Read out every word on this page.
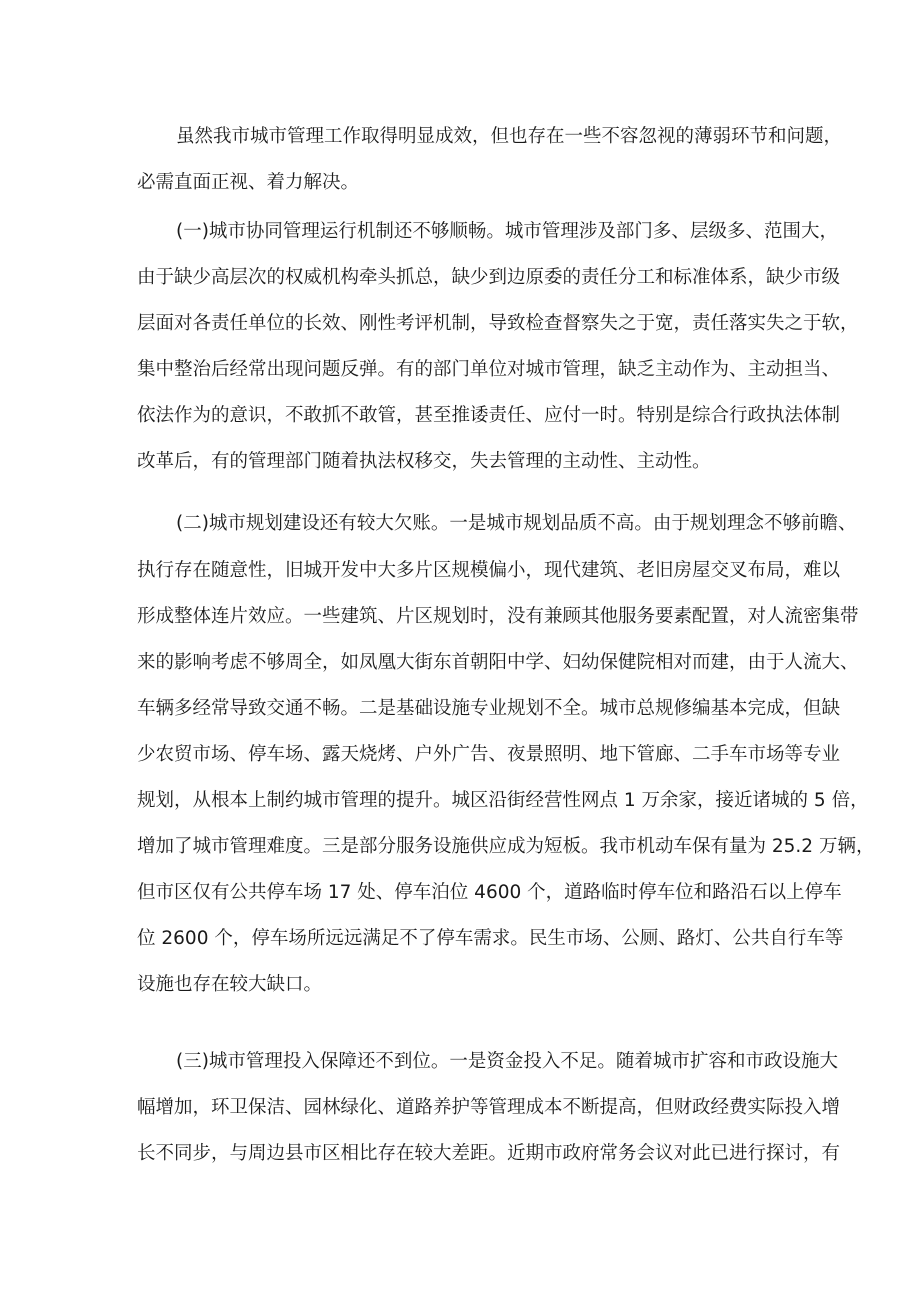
虽然我市城市管理工作取得明显成效，但也存在一些不容忽视的薄弱环节和问题，

必需直面正视、着力解决。

(一)城市协同管理运行机制还不够顺畅。城市管理涉及部门多、层级多、范围大，

由于缺少高层次的权威机构牵头抓总，缺少到边原委的责任分工和标准体系，缺少市级

层面对各责任单位的长效、刚性考评机制，导致检查督察失之于宽，责任落实失之于软，

集中整治后经常出现问题反弹。有的部门单位对城市管理，缺乏主动作为、主动担当、

依法作为的意识，不敢抓不敢管，甚至推诿责任、应付一时。特别是综合行政执法体制

改革后，有的管理部门随着执法权移交，失去管理的主动性、主动性。

(二)城市规划建设还有较大欠账。一是城市规划品质不高。由于规划理念不够前瞻、

执行存在随意性，旧城开发中大多片区规模偏小，现代建筑、老旧房屋交叉布局，难以

形成整体连片效应。一些建筑、片区规划时，没有兼顾其他服务要素配置，对人流密集带

来的影响考虑不够周全，如凤凰大街东首朝阳中学、妇幼保健院相对而建，由于人流大、

车辆多经常导致交通不畅。二是基础设施专业规划不全。城市总规修编基本完成，但缺

少农贸市场、停车场、露天烧烤、户外广告、夜景照明、地下管廊、二手车市场等专业

规划，从根本上制约城市管理的提升。城区沿街经营性网点 1 万余家，接近诸城的 5 倍，

增加了城市管理难度。三是部分服务设施供应成为短板。我市机动车保有量为 25.2 万辆，

但市区仅有公共停车场 17 处、停车泊位 4600 个，道路临时停车位和路沿石以上停车

位 2600 个，停车场所远远满足不了停车需求。民生市场、公厕、路灯、公共自行车等

设施也存在较大缺口。

(三)城市管理投入保障还不到位。一是资金投入不足。随着城市扩容和市政设施大

幅增加，环卫保洁、园林绿化、道路养护等管理成本不断提高，但财政经费实际投入增

长不同步，与周边县市区相比存在较大差距。近期市政府常务会议对此已进行探讨，有
